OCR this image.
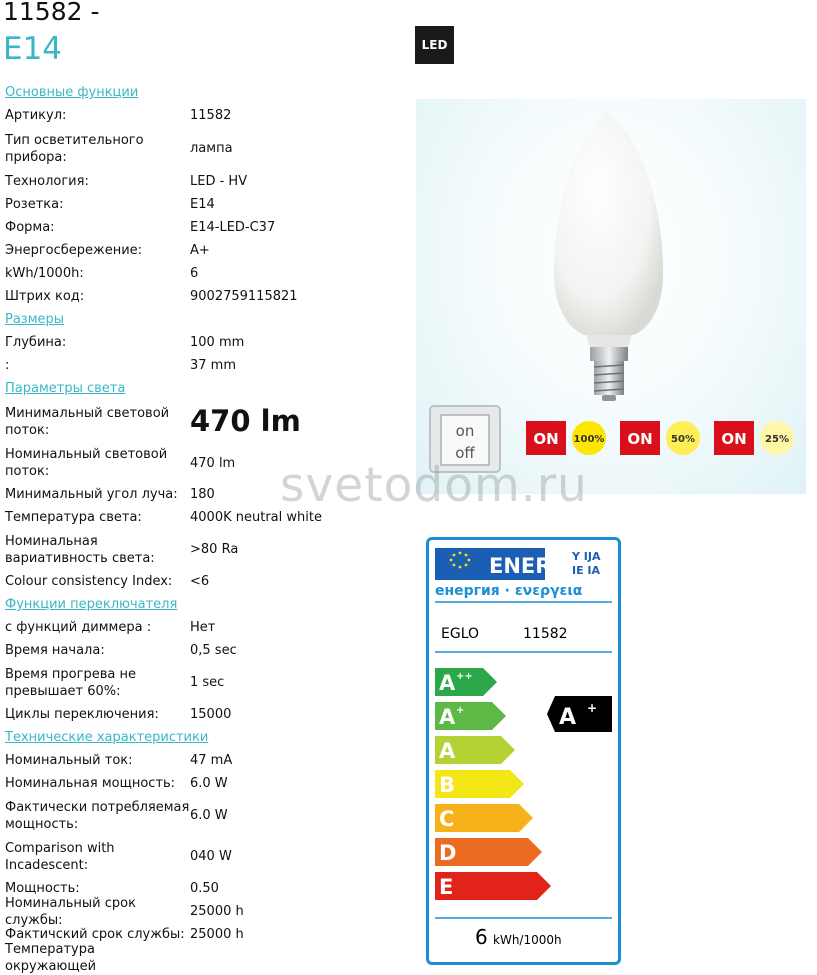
11582 -
E14	LED
Основные функции
Артикул:	11582
Тип осветительного прибора:
лампа
Технология:	LED - HV
Розетка:	E14
Форма:	E14-LED-C37
Энергосбережение:	A+
kWh/1000h:	6
Штрих код:	9002759115821
Размеры
Глубина:	100 mm
:	37 mm
Параметры света
Минимальный световой поток:	470 lm
Номинальный световой поток:
470 lm
Минимальный угол луча: 180
Температура света:	4000K neutral white
Номинальная вариативность света:
>80 Ra
Colour consistency Index:	<6
Функции переключателя
с функций диммера :	Нет
Время начала:	0,5 sec
Время прогрева не превышает 60%:
1 sec
Циклы переключения:	15000
Технические характеристики
Номинальный ток:	47 mA
Номинальная мощность:	6.0 W
Фактически потребляемая мощность:
6.0 W
Comparison with Incadescent:
040 W
Мощность:	0.50
Номинальный срок службы:
25000 h
Фактичский срок службы: 25000 h
Температура окружающей
on
off
ON 100% ON 50% ON 25%
svetodom.ru
ENERG Y IJA
IE IA
енергия · ενεργεια
EGLO	11582
A ++
A +
A
B
C
D
E
A +
6 kWh/1000h
